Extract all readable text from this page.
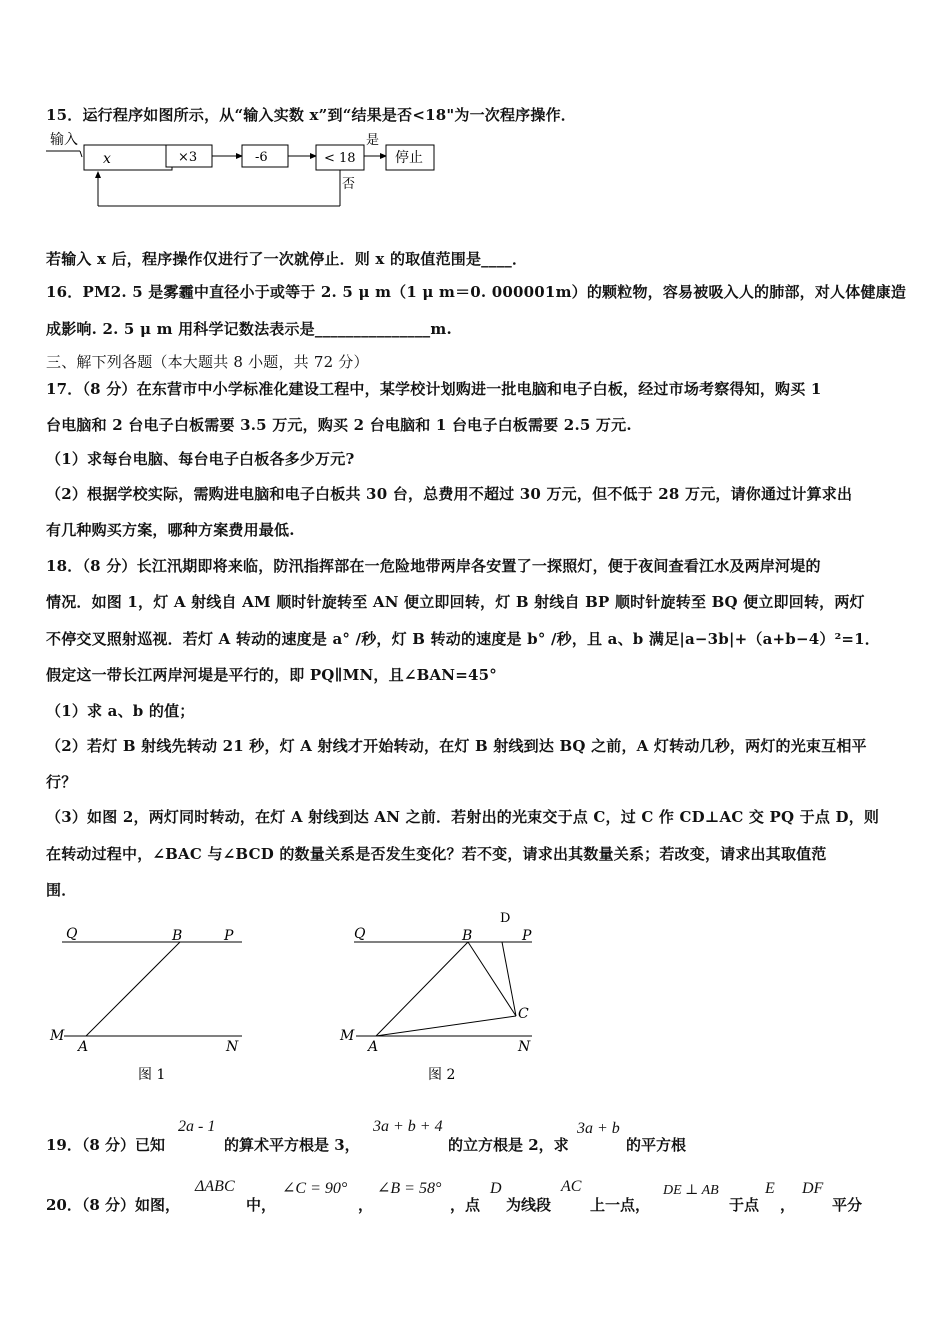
15．运行程序如图所示，从“输入实数 x”到“结果是否<18"为一次程序操作．
输入
x	×3	-6	< 18
是
停止
否
若输入 x 后，程序操作仅进行了一次就停止．则 x 的取值范围是____．
16．PM2. 5 是雾霾中直径小于或等于 2. 5 μ m（1 μ m＝0. 000001m）的颗粒物，容易被吸入人的肺部，对人体健康造
成影响. 2. 5 μ m 用科学记数法表示是_______________m.
三、解下列各题（本大题共 8 小题，共 72 分）
17．（8 分）在东营市中小学标准化建设工程中，某学校计划购进一批电脑和电子白板，经过市场考察得知，购买 1
台电脑和 2 台电子白板需要 3.5 万元，购买 2 台电脑和 1 台电子白板需要 2.5 万元.
（1）求每台电脑、每台电子白板各多少万元?
（2）根据学校实际，需购进电脑和电子白板共 30 台，总费用不超过 30 万元，但不低于 28 万元，请你通过计算求出
有几种购买方案，哪种方案费用最低.
18．（8 分）长江汛期即将来临，防汛指挥部在一危险地带两岸各安置了一探照灯，便于夜间查看江水及两岸河堤的
情况．如图 1，灯 A 射线自 AM 顺时针旋转至 AN 便立即回转，灯 B 射线自 BP 顺时针旋转至 BQ 便立即回转，两灯
不停交叉照射巡视．若灯 A 转动的速度是 a° /秒，灯 B 转动的速度是 b° /秒，且 a、b 满足|a−3b|+（a+b−4）²=1．
假定这一带长江两岸河堤是平行的，即 PQ∥MN，且∠BAN=45°
（1）求 a、b 的值；
（2）若灯 B 射线先转动 21 秒，灯 A 射线才开始转动，在灯 B 射线到达 BQ 之前，A 灯转动几秒，两灯的光束互相平
行？
（3）如图 2，两灯同时转动，在灯 A 射线到达 AN 之前．若射出的光束交于点 C，过 C 作 CD⊥AC 交 PQ 于点 D，则
在转动过程中，∠BAC 与∠BCD 的数量关系是否发生变化？若不变，请求出其数量关系；若改变，请求出其取值范
围．
Q	B	P
M
A	N
图 1
D
Q	B	P
C
M
A	N
图 2
19．（8 分）已知
2a - 1
的算术平方根是 3，
3a + b + 4
的立方根是 2，求
3a + b
的平方根
20．（8 分）如图，
ΔABC
中，
∠C = 90°
，
∠B = 58°
，点
D
为线段
AC
上一点，
DE ⊥ AB
于点
E
，
DF
平分
